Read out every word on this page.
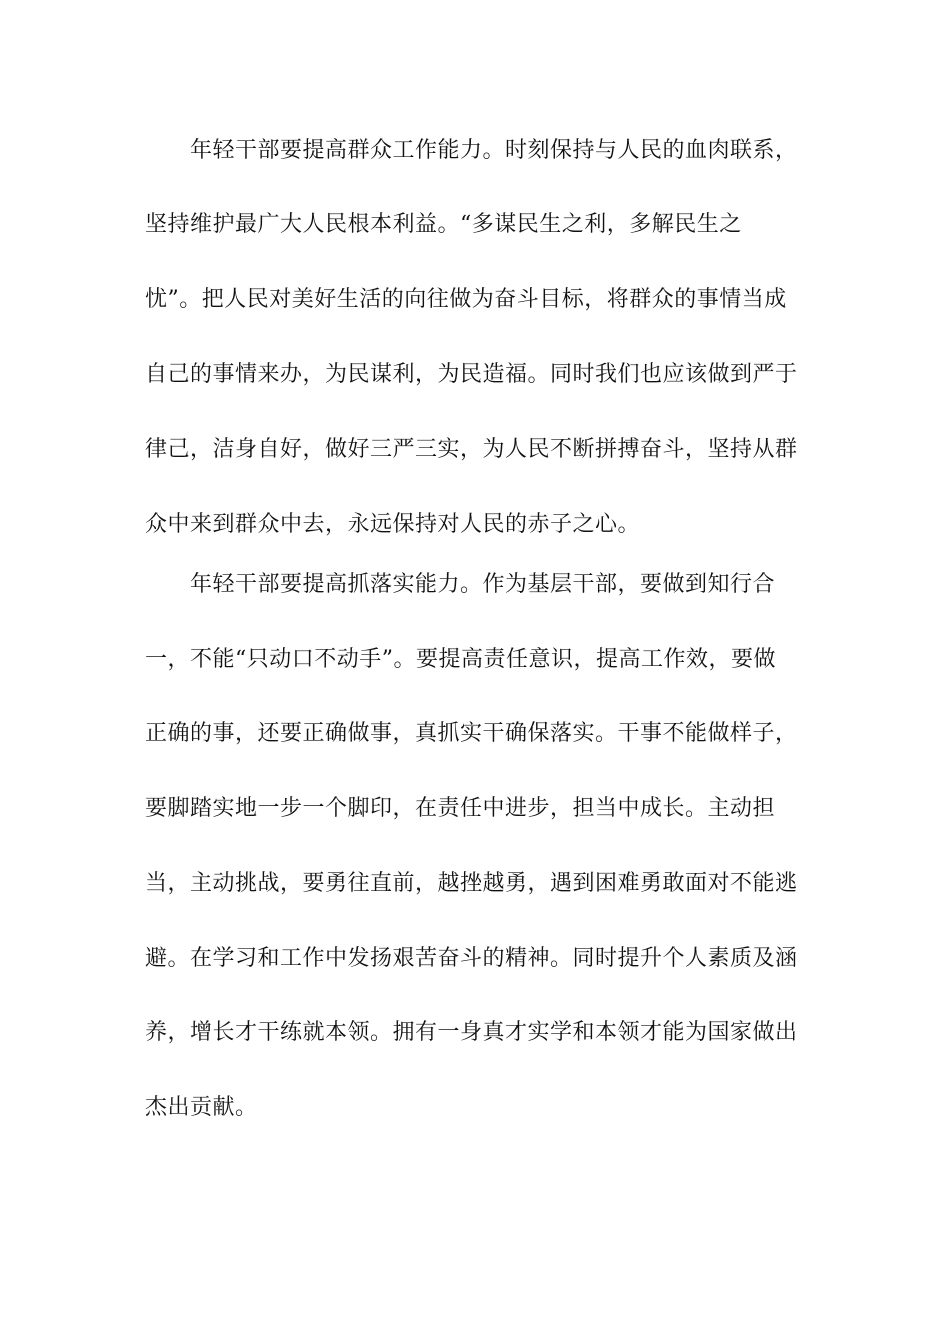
年轻干部要提高群众工作能力。时刻保持与人民的血肉联系，
坚持维护最广大人民根本利益。“多谋民生之利，多解民生之
忧”。把人民对美好生活的向往做为奋斗目标，将群众的事情当成
自己的事情来办，为民谋利，为民造福。同时我们也应该做到严于
律己，洁身自好，做好三严三实，为人民不断拼搏奋斗，坚持从群
众中来到群众中去，永远保持对人民的赤子之心。
年轻干部要提高抓落实能力。作为基层干部，要做到知行合
一，不能“只动口不动手”。要提高责任意识，提高工作效，要做
正确的事，还要正确做事，真抓实干确保落实。干事不能做样子，
要脚踏实地一步一个脚印，在责任中进步，担当中成长。主动担
当，主动挑战，要勇往直前，越挫越勇，遇到困难勇敢面对不能逃
避。在学习和工作中发扬艰苦奋斗的精神。同时提升个人素质及涵
养，增长才干练就本领。拥有一身真才实学和本领才能为国家做出
杰出贡献。
